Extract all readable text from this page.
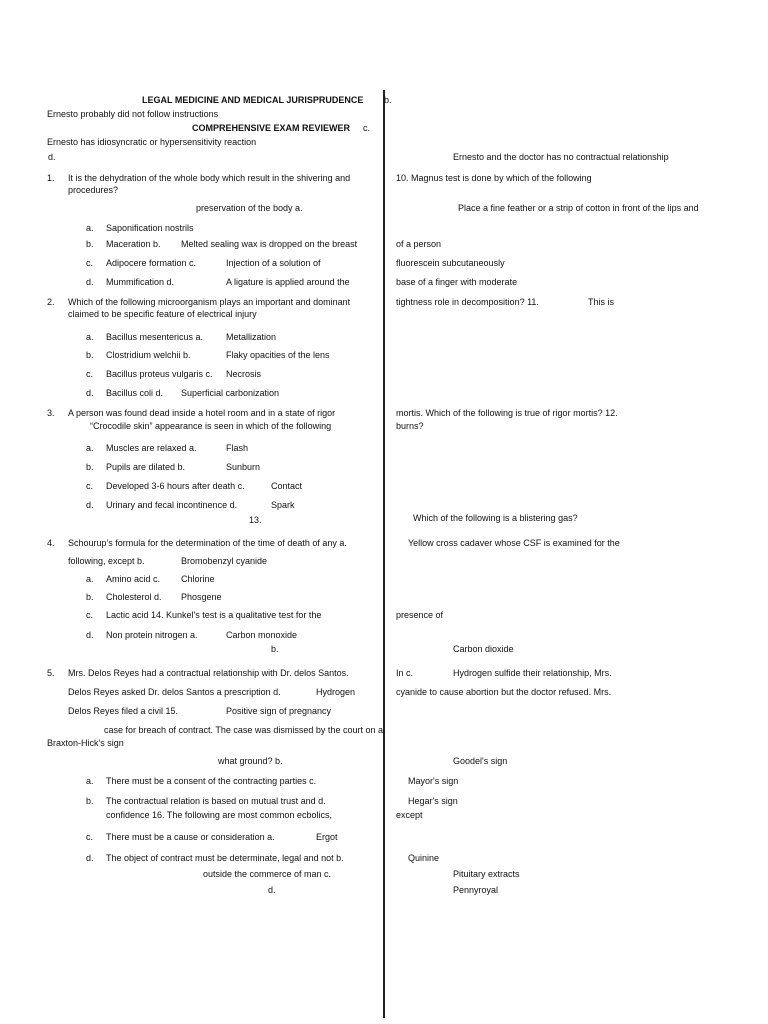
LEGAL MEDICINE AND MEDICAL JURISPRUDENCE b.
Ernesto probably did not follow instructions
COMPREHENSIVE EXAM REVIEWER c.
Ernesto has idiosyncratic or hypersensitivity reaction
d.	Ernesto and the doctor has no contractual relationship
1. It is the dehydration of the whole body which result in the shivering and
procedures?
preservation of the body a.
a. Saponification nostrils
b. Maceration b. Melted sealing wax is dropped on the breast
c. Adipocere formation c.	Injection of a solution of
d. Mummification d.	A ligature is applied around the
2. Which of the following microorganism plays an important and dominant
claimed to be specific feature of electrical injury
a. Bacillus mesentericus a.	Metallization
b. Clostridium welchii b.	Flaky opacities of the lens
c. Bacillus proteus vulgaris c. Necrosis
d. Bacillus coli d. Superficial carbonization
3. A person was found dead inside a hotel room and in a state of rigor
“Crocodile skin” appearance is seen in which of the following
a. Muscles are relaxed a.	Flash
b. Pupils are dilated b.	Sunburn
c. Developed 3-6 hours after death c.	Contact
d. Urinary and fecal incontinence d.	Spark
13.
4. Schourup's formula for the determination of the time of death of any a.
following, except b.	Bromobenzyl cyanide
a. Amino acid c. Chlorine
b. Cholesterol d. Phosgene
c. Lactic acid 14. Kunkel's test is a qualitative test for the
d. Non protein nitrogen a.	Carbon monoxide
b.
5. Mrs. Delos Reyes had a contractual relationship with Dr. delos Santos.
Delos Reyes asked Dr. delos Santos a prescription d.	Hydrogen
Delos Reyes filed a civil 15.	Positive sign of pregnancy
case for breach of contract. The case was dismissed by the court on a.
Braxton-Hick's sign
what ground? b.
a. There must be a consent of the contracting parties c.
b. The contractual relation is based on mutual trust and d.
confidence 16. The following are most common ecbolics,
c. There must be a cause or consideration a.	Ergot
d. The object of contract must be determinate, legal and not b.
outside the commerce of man c.
d.
10. Magnus test is done by which of the following
Place a fine feather or a strip of cotton in front of the lips and
of a person
fluorescein subcutaneously
base of a finger with moderate
tightness role in decomposition? 11.	This is
mortis. Which of the following is true of rigor mortis? 12.
burns?
Which of the following is a blistering gas?
Yellow cross cadaver whose CSF is examined for the
presence of
Carbon dioxide
In c.	Hydrogen sulfide their relationship, Mrs.
cyanide to cause abortion but the doctor refused. Mrs.
Goodel's sign
Mayor's sign
Hegar's sign
except
Quinine
Pituitary extracts
Pennyroyal
